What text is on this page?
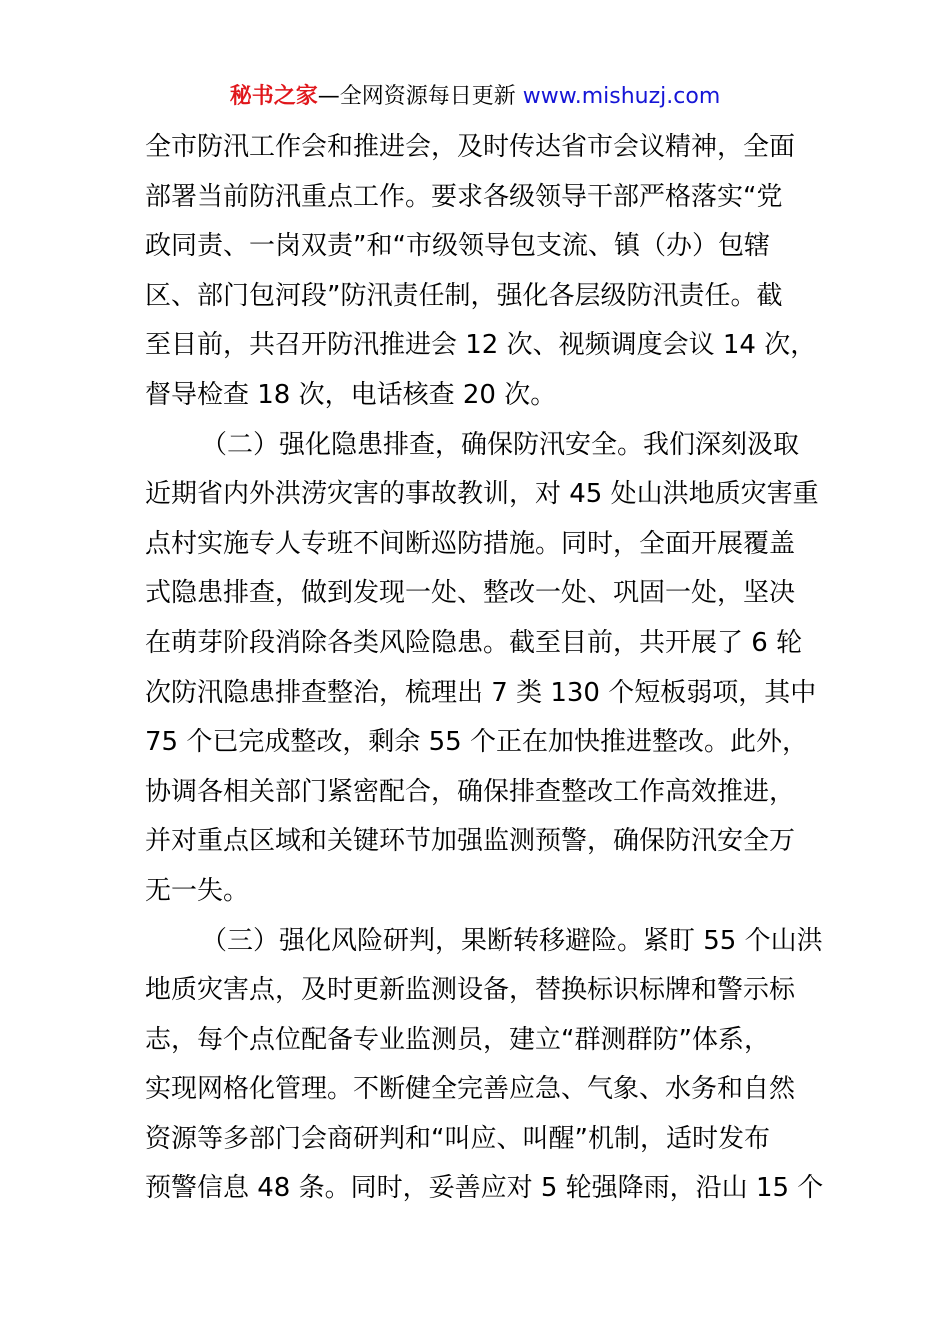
秘书之家—全网资源每日更新 www.mishuzj.com
全市防汛工作会和推进会，及时传达省市会议精神，全面
部署当前防汛重点工作。要求各级领导干部严格落实“党
政同责、一岗双责”和“市级领导包支流、镇（办）包辖
区、部门包河段”防汛责任制，强化各层级防汛责任。截
至目前，共召开防汛推进会 12 次、视频调度会议 14 次，
督导检查 18 次，电话核查 20 次。
（二）强化隐患排查，确保防汛安全。我们深刻汲取
近期省内外洪涝灾害的事故教训，对 45 处山洪地质灾害重
点村实施专人专班不间断巡防措施。同时，全面开展覆盖
式隐患排查，做到发现一处、整改一处、巩固一处，坚决
在萌芽阶段消除各类风险隐患。截至目前，共开展了 6 轮
次防汛隐患排查整治，梳理出 7 类 130 个短板弱项，其中
75 个已完成整改，剩余 55 个正在加快推进整改。此外，
协调各相关部门紧密配合，确保排查整改工作高效推进，
并对重点区域和关键环节加强监测预警，确保防汛安全万
无一失。
（三）强化风险研判，果断转移避险。紧盯 55 个山洪
地质灾害点，及时更新监测设备，替换标识标牌和警示标
志，每个点位配备专业监测员，建立“群测群防”体系，
实现网格化管理。不断健全完善应急、气象、水务和自然
资源等多部门会商研判和“叫应、叫醒”机制，适时发布
预警信息 48 条。同时，妥善应对 5 轮强降雨，沿山 15 个
